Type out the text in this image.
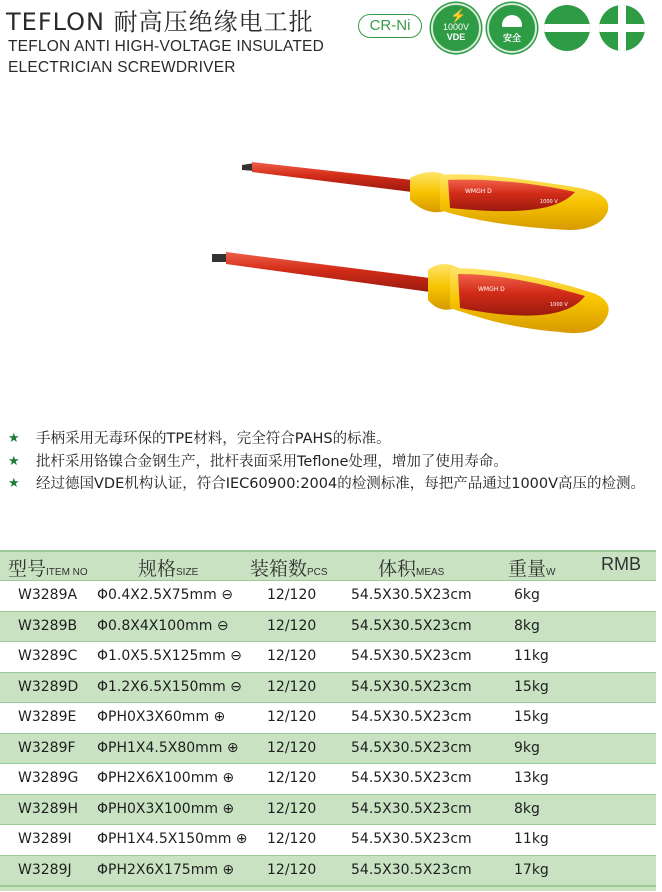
TEFLON 耐高压绝缘电工批
TEFLON ANTI HIGH-VOLTAGE INSULATED
ELECTRICIAN SCREWDRIVER
CR-Ni
⚡
1000V
VDE	安全
WMGH D
1000 V
WMGH D
1000 V
★ 手柄采用无毒环保的TPE材料，完全符合PAHS的标准。
★ 批杆采用铬镍合金钢生产，批杆表面采用Teflone处理，增加了使用寿命。
★ 经过德国VDE机构认证，符合IEC60900:2004的检测标准，每把产品通过1000V高压的检测。
型号ITEM NO	规格SIZE	装箱数PCS	体积MEAS	重量W	RMB
W3289A Φ0.4X2.5X75mm ⊖ 12/120 54.5X30.5X23cm	6kg
W3289B Φ0.8X4X100mm ⊖	12/120 54.5X30.5X23cm	8kg
W3289C Φ1.0X5.5X125mm ⊖ 12/120 54.5X30.5X23cm	11kg
W3289D Φ1.2X6.5X150mm ⊖ 12/120 54.5X30.5X23cm	15kg
W3289E ΦPH0X3X60mm ⊕	12/120 54.5X30.5X23cm	15kg
W3289F ΦPH1X4.5X80mm ⊕ 12/120 54.5X30.5X23cm	9kg
W3289G ΦPH2X6X100mm ⊕ 12/120 54.5X30.5X23cm	13kg
W3289H ΦPH0X3X100mm ⊕ 12/120 54.5X30.5X23cm	8kg
W3289I ΦPH1X4.5X150mm ⊕ 12/120 54.5X30.5X23cm	11kg
W3289J ΦPH2X6X175mm ⊕ 12/120 54.5X30.5X23cm	17kg
